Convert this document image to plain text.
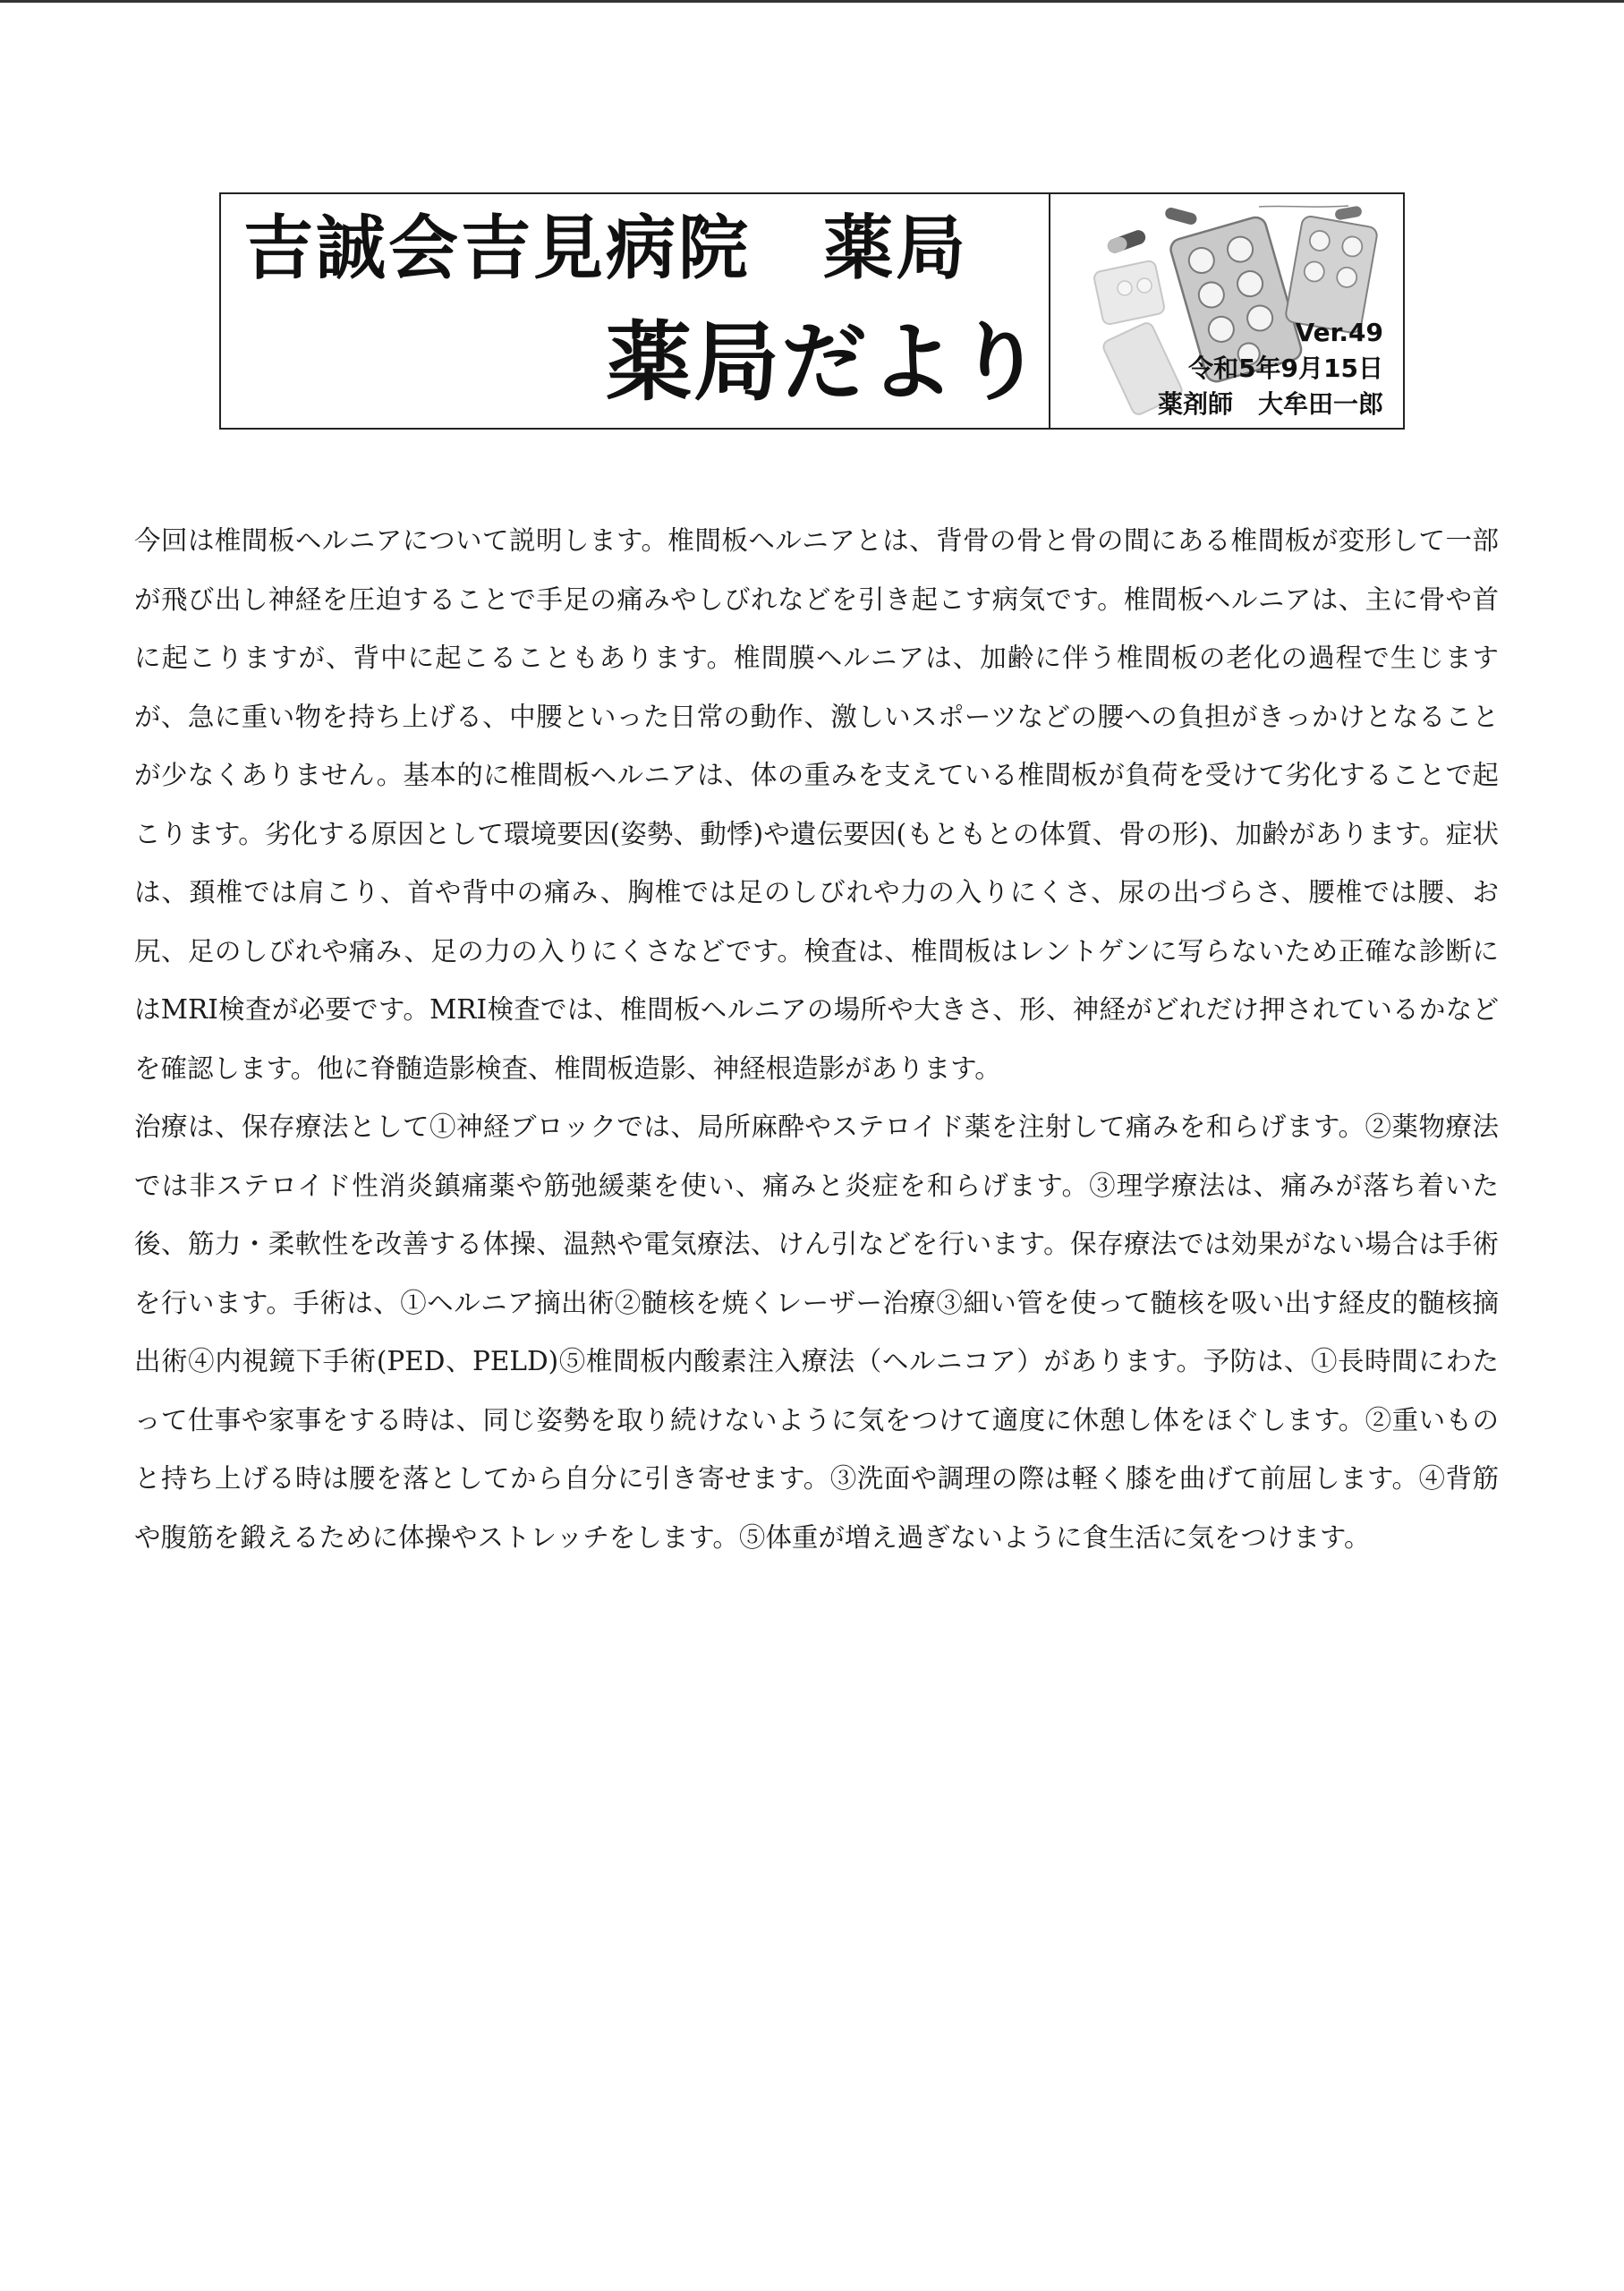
吉誠会吉見病院　薬局
薬局だより	Ver.49
令和5年9月15日
薬剤師　大牟田一郎

今回は椎間板ヘルニアについて説明します。椎間板ヘルニアとは、背骨の骨と骨の間にある椎間板が変形して一部が飛び出し神経を圧迫することで手足の痛みやしびれなどを引き起こす病気です。椎間板ヘルニアは、主に骨や首に起こりますが、背中に起こることもあります。椎間膜ヘルニアは、加齢に伴う椎間板の老化の過程で生じますが、急に重い物を持ち上げる、中腰といった日常の動作、激しいスポーツなどの腰への負担がきっかけとなることが少なくありません。基本的に椎間板ヘルニアは、体の重みを支えている椎間板が負荷を受けて劣化することで起こります。劣化する原因として環境要因(姿勢、動悸)や遺伝要因(もともとの体質、骨の形)、加齢があります。症状は、頚椎では肩こり、首や背中の痛み、胸椎では足のしびれや力の入りにくさ、尿の出づらさ、腰椎では腰、お尻、足のしびれや痛み、足の力の入りにくさなどです。検査は、椎間板はレントゲンに写らないため正確な診断にはMRI検査が必要です。MRI検査では、椎間板ヘルニアの場所や大きさ、形、神経がどれだけ押されているかなどを確認します。他に脊髄造影検査、椎間板造影、神経根造影があります。

治療は、保存療法として①神経ブロックでは、局所麻酔やステロイド薬を注射して痛みを和らげます。②薬物療法では非ステロイド性消炎鎮痛薬や筋弛緩薬を使い、痛みと炎症を和らげます。③理学療法は、痛みが落ち着いた後、筋力・柔軟性を改善する体操、温熱や電気療法、けん引などを行います。保存療法では効果がない場合は手術を行います。手術は、①ヘルニア摘出術②髄核を焼くレーザー治療③細い管を使って髄核を吸い出す経皮的髄核摘出術④内視鏡下手術(PED、PELD)⑤椎間板内酸素注入療法（ヘルニコア）があります。予防は、①長時間にわたって仕事や家事をする時は、同じ姿勢を取り続けないように気をつけて適度に休憩し体をほぐします。②重いものと持ち上げる時は腰を落としてから自分に引き寄せます。③洗面や調理の際は軽く膝を曲げて前屈します。④背筋や腹筋を鍛えるために体操やストレッチをします。⑤体重が増え過ぎないように食生活に気をつけます。
